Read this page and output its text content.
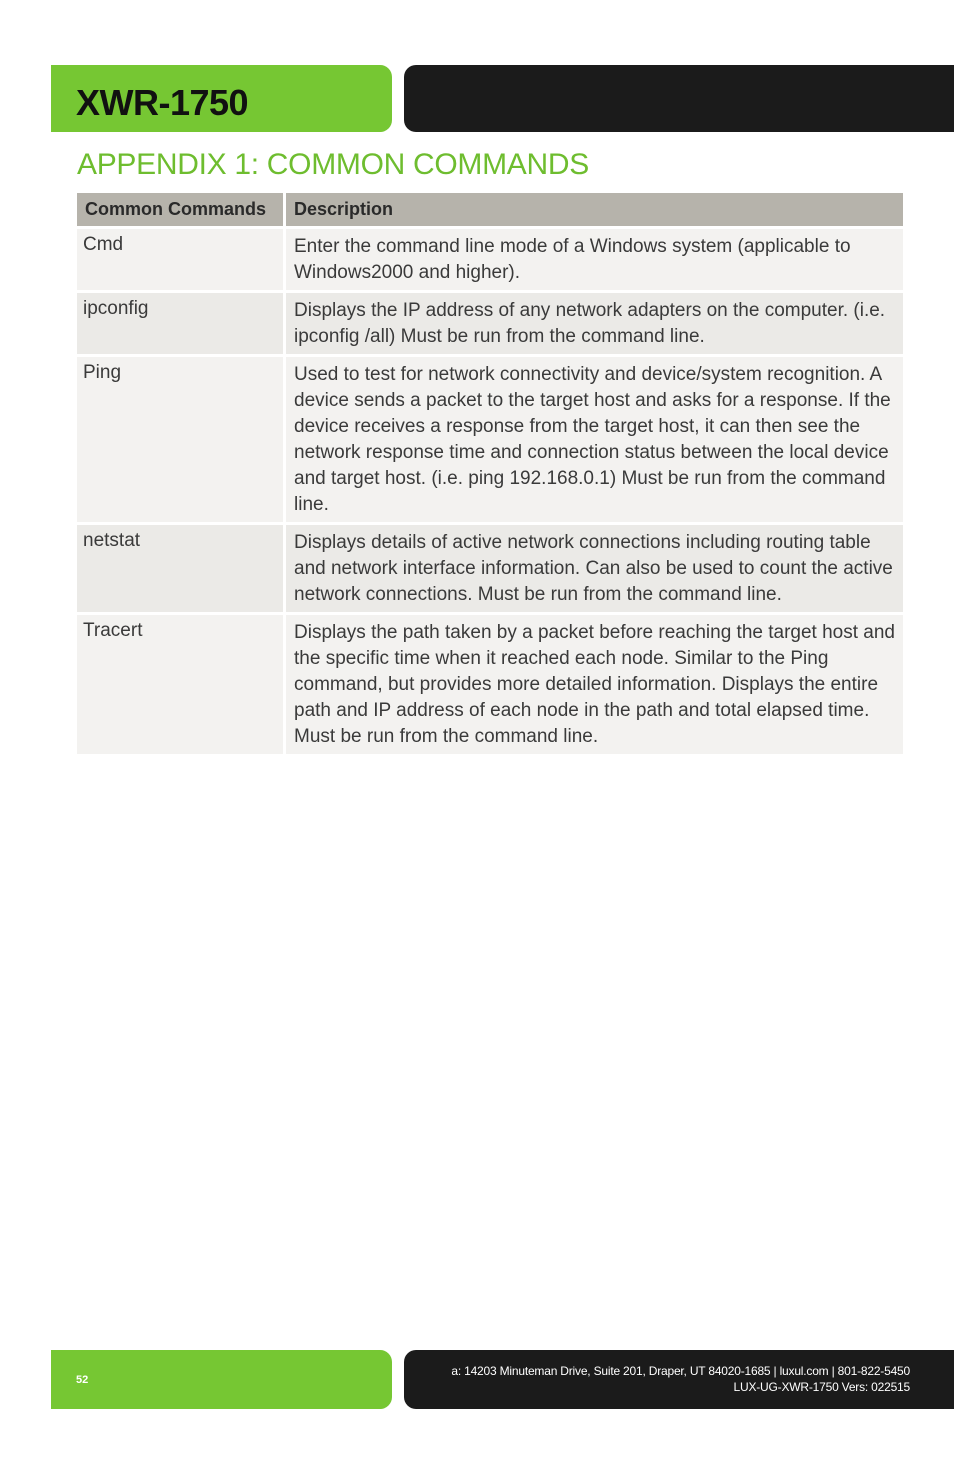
XWR-1750
APPENDIX 1: COMMON COMMANDS
Common Commands	Description
Cmd	Enter the command line mode of a Windows system (applicable to Windows2000 and higher).
ipconfig	Displays the IP address of any network adapters on the computer. (i.e. ipconfig /all) Must be run from the command line.
Ping	Used to test for network connectivity and device/system recognition. A device sends a packet to the target host and asks for a response. If the device receives a response from the target host, it can then see the network response time and connection status between the local device and target host. (i.e. ping 192.168.0.1) Must be run from the command line.
netstat	Displays details of active network connections including routing table and network interface information. Can also be used to count the active network connections. Must be run from the command line.
Tracert	Displays the path taken by a packet before reaching the target host and the specific time when it reached each node. Similar to the Ping command, but provides more detailed information. Displays the entire path and IP address of each node in the path and total elapsed time. Must be run from the command line.
52
a: 14203 Minuteman Drive, Suite 201, Draper, UT 84020-1685 | luxul.com | 801-822-5450
LUX-UG-XWR-1750 Vers: 022515
